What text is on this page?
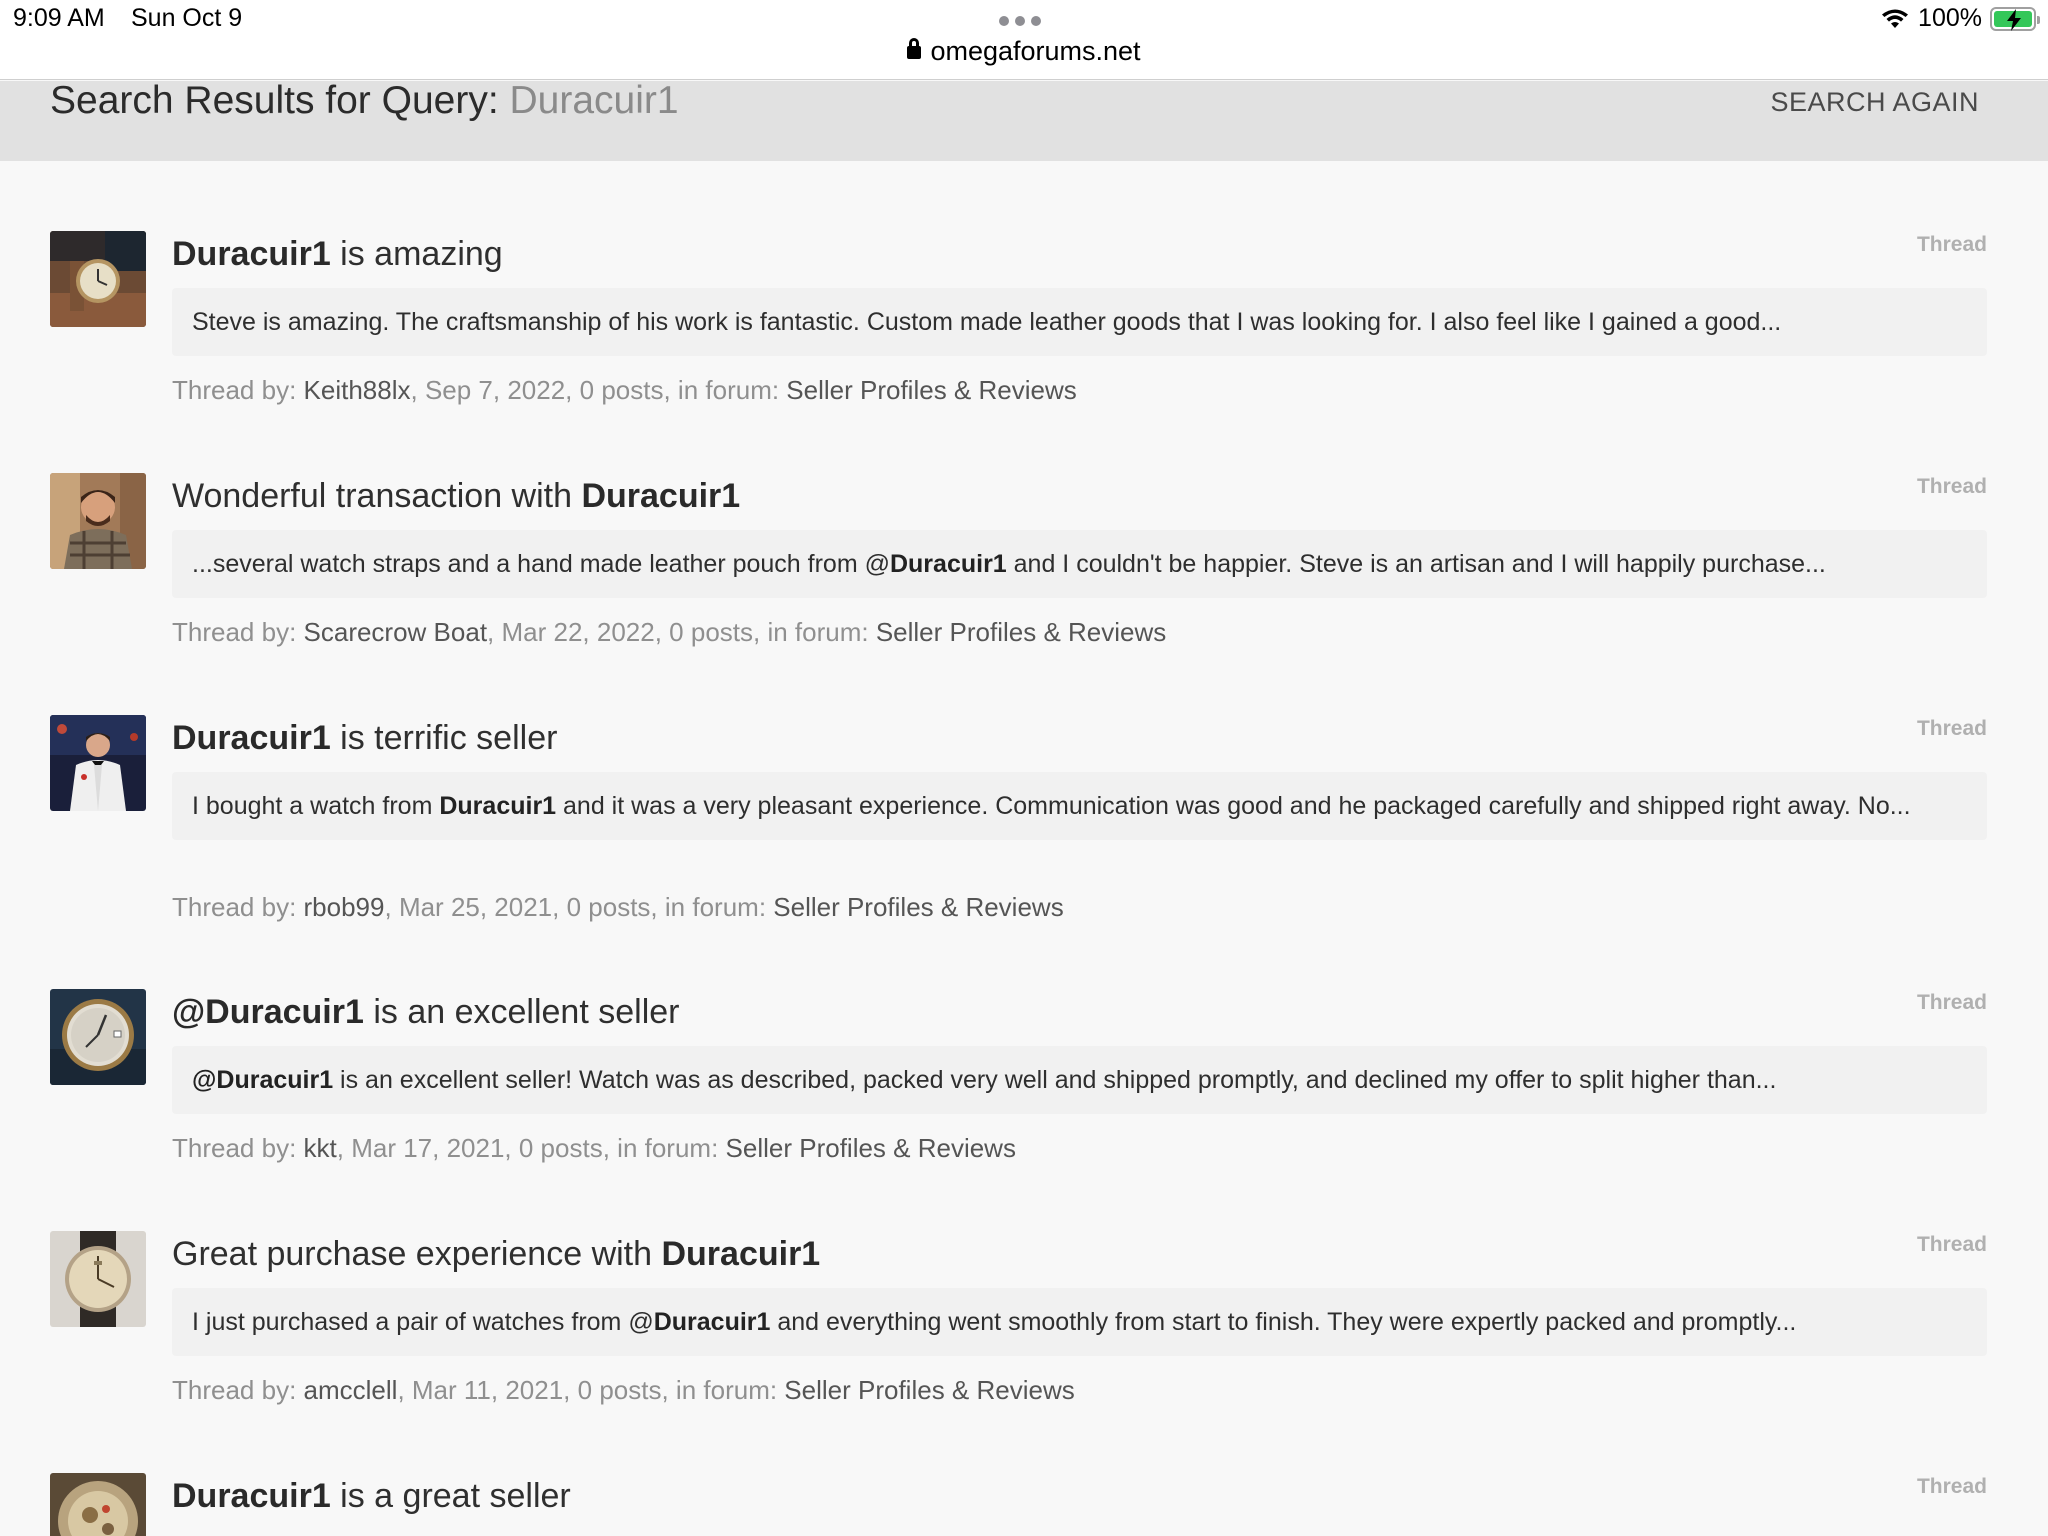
9:09 AM Sun Oct 9
omegaforums.net
100%
Search Results for Query: Duracuir1	SEARCH AGAIN
Duracuir1 is amazing	Thread
Steve is amazing. The craftsmanship of his work is fantastic. Custom made leather goods that I was looking for. I also feel like I gained a good...
Thread by: Keith88lx, Sep 7, 2022, 0 posts, in forum: Seller Profiles & Reviews
Wonderful transaction with Duracuir1	Thread
...several watch straps and a hand made leather pouch from @Duracuir1 and I couldn't be happier. Steve is an artisan and I will happily purchase...
Thread by: Scarecrow Boat, Mar 22, 2022, 0 posts, in forum: Seller Profiles & Reviews
Duracuir1 is terrific seller	Thread
I bought a watch from Duracuir1 and it was a very pleasant experience. Communication was good and he packaged carefully and shipped right away. No...
Thread by: rbob99, Mar 25, 2021, 0 posts, in forum: Seller Profiles & Reviews
@Duracuir1 is an excellent seller	Thread
@Duracuir1 is an excellent seller! Watch was as described, packed very well and shipped promptly, and declined my offer to split higher than...
Thread by: kkt, Mar 17, 2021, 0 posts, in forum: Seller Profiles & Reviews
Great purchase experience with Duracuir1	Thread
I just purchased a pair of watches from @Duracuir1 and everything went smoothly from start to finish. They were expertly packed and promptly...
Thread by: amcclell, Mar 11, 2021, 0 posts, in forum: Seller Profiles & Reviews
Duracuir1 is a great seller	Thread
